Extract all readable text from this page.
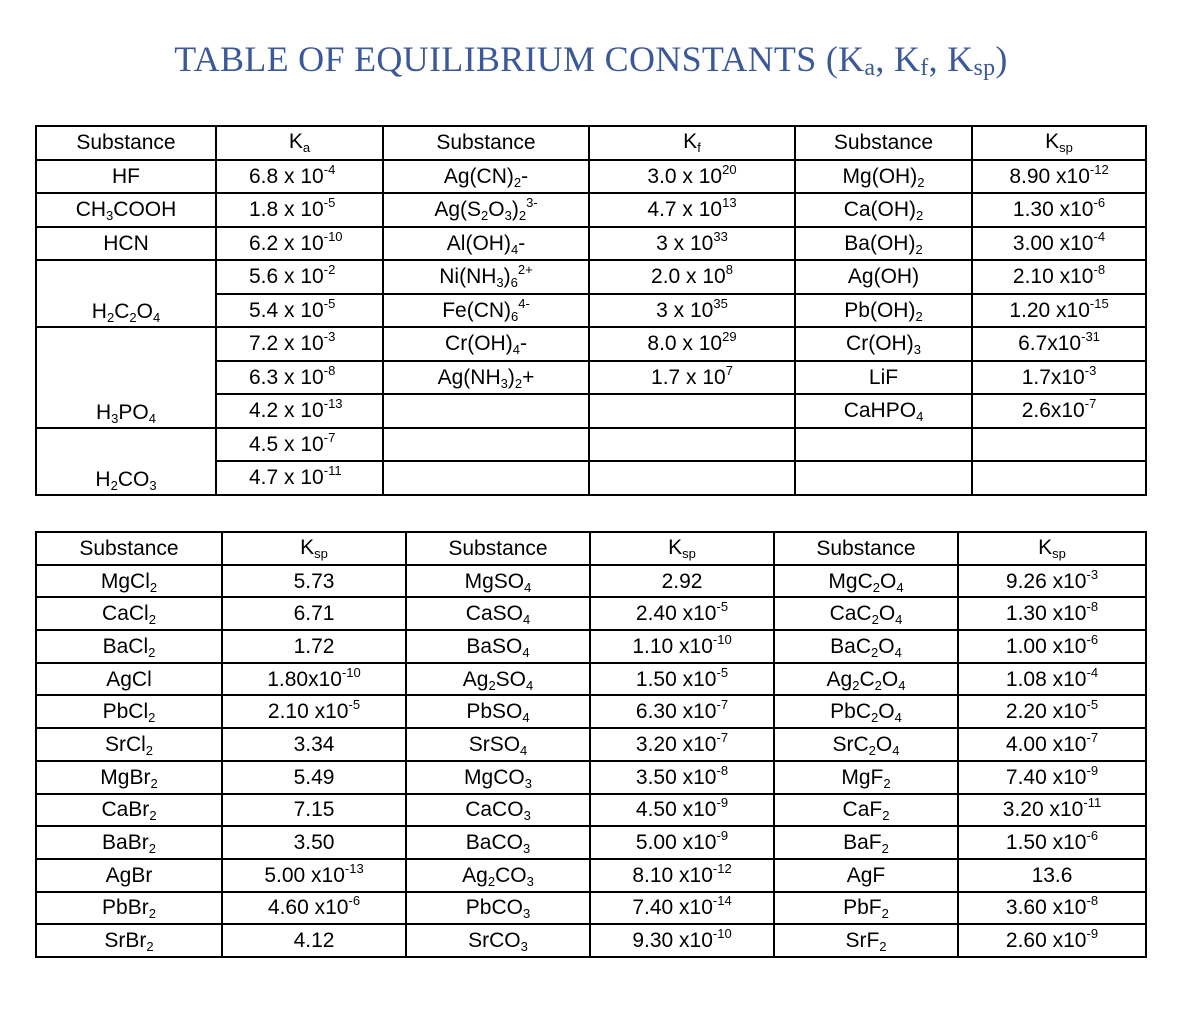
TABLE OF EQUILIBRIUM CONSTANTS ($K_a$, $K_f$, $K_{sp}$)
Substance	Ka	Substance	Kf	Substance	Ksp
HF	6.8 x $10^{-4}$	$Ag(CN)_2-$	3.0 x $10^{20}$	$Mg(OH)_2$	8.90 $x10^{-12}$
$CH_3COOH$	1.8 x $10^{-5}$	$Ag(S_2O_3)_2^{3-}$	4.7 x $10^{13}$	$Ca(OH)_2$	1.30 $x10^{-6}$
HCN	6.2 x $10^{-10}$	$Al(OH)_4-$	3 x $10^{33}$	$Ba(OH)_2$	3.00 $x10^{-4}$
$H_2C_2O_4$	5.6 x $10^{-2}$	$Ni(NH_3)_6^{2+}$	2.0 x $10^8$	Ag(OH)	2.10 $x10^{-8}$
	5.4 x $10^{-5}$	$Fe(CN)_6^{4-}$	3 x $10^{35}$	$Pb(OH)_2$	1.20 $x10^{-15}$
$H_3PO_4$	7.2 x $10^{-3}$	$Cr(OH)_4-$	8.0 x $10^{29}$	$Cr(OH)_3$	$6.7x10^{-31}$
	6.3 x $10^{-8}$	$Ag(NH_3)_2+$	1.7 x $10^7$	LiF	$1.7x10^{-3}$
	4.2 x $10^{-13}$			CaHPO$_4$	$2.6x10^{-7}$
$H_2CO_3$	4.5 x $10^{-7}$				
	4.7 x $10^{-11}$				
Substance	Ksp	Substance	Ksp	Substance	Ksp
MgCl$_2$	5.73	MgSO$_4$	2.92	$MgC_2O_4$	9.26 $x10^{-3}$
CaCl$_2$	6.71	CaSO$_4$	2.40 $x10^{-5}$	$CaC_2O_4$	1.30 $x10^{-8}$
BaCl$_2$	1.72	BaSO$_4$	1.10 $x10^{-10}$	$BaC_2O_4$	1.00 $x10^{-6}$
AgCl	$1.80x10^{-10}$	$Ag_2SO_4$	1.50 $x10^{-5}$	$Ag_2C_2O_4$	1.08 $x10^{-4}$
PbCl$_2$	2.10 $x10^{-5}$	PbSO$_4$	6.30 $x10^{-7}$	$PbC_2O_4$	2.20 $x10^{-5}$
SrCl$_2$	3.34	SrSO$_4$	3.20 $x10^{-7}$	$SrC_2O_4$	4.00 $x10^{-7}$
MgBr$_2$	5.49	MgCO$_3$	3.50 $x10^{-8}$	MgF$_2$	7.40 $x10^{-9}$
CaBr$_2$	7.15	CaCO$_3$	4.50 $x10^{-9}$	CaF$_2$	3.20 $x10^{-11}$
BaBr$_2$	3.50	BaCO$_3$	5.00 $x10^{-9}$	BaF$_2$	1.50 $x10^{-6}$
AgBr	5.00 $x10^{-13}$	$Ag_2CO_3$	8.10 $x10^{-12}$	AgF	13.6
PbBr$_2$	4.60 $x10^{-6}$	PbCO$_3$	7.40 $x10^{-14}$	PbF$_2$	3.60 $x10^{-8}$
SrBr$_2$	4.12	SrCO$_3$	9.30 $x10^{-10}$	SrF$_2$	2.60 $x10^{-9}$
